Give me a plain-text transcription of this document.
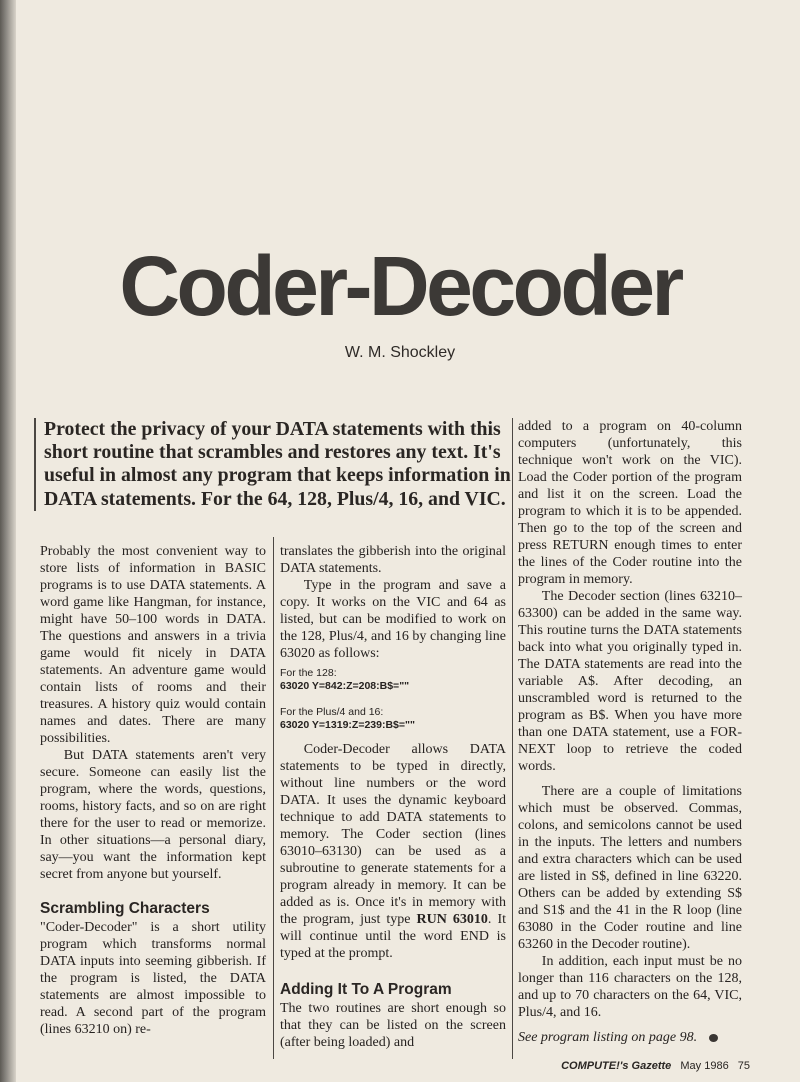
Coder-Decoder
W. M. Shockley

Protect the privacy of your DATA statements with this short routine that scrambles and restores any text. It's useful in almost any program that keeps information in DATA statements. For the 64, 128, Plus/4, 16, and VIC.

Probably the most convenient way to store lists of information in BASIC programs is to use DATA statements. A word game like Hangman, for instance, might have 50–100 words in DATA. The questions and answers in a trivia game would fit nicely in DATA statements. An adventure game would contain lists of rooms and their treasures. A history quiz would contain names and dates. There are many possibilities.

But DATA statements aren't very secure. Someone can easily list the program, where the words, questions, rooms, history facts, and so on are right there for the user to read or memorize. In other situations—a personal diary, say—you want the information kept secret from anyone but yourself.

Scrambling Characters

"Coder-Decoder" is a short utility program which transforms normal DATA inputs into seeming gibberish. If the program is listed, the DATA statements are almost impossible to read. A second part of the program (lines 63210 on) re-

translates the gibberish into the original DATA statements.

Type in the program and save a copy. It works on the VIC and 64 as listed, but can be modified to work on the 128, Plus/4, and 16 by changing line 63020 as follows:

For the 128:

63020 Y=842:Z=208:B$=""

For the Plus/4 and 16:

63020 Y=1319:Z=239:B$=""

Coder-Decoder allows DATA statements to be typed in directly, without line numbers or the word DATA. It uses the dynamic keyboard technique to add DATA statements to memory. The Coder section (lines 63010–63130) can be used as a subroutine to generate statements for a program already in memory. It can be added as is. Once it's in memory with the program, just type RUN 63010. It will continue until the word END is typed at the prompt.

Adding It To A Program

The two routines are short enough so that they can be listed on the screen (after being loaded) and

added to a program on 40-column computers (unfortunately, this technique won't work on the VIC). Load the Coder portion of the program and list it on the screen. Load the program to which it is to be appended. Then go to the top of the screen and press RETURN enough times to enter the lines of the Coder routine into the program in memory.

The Decoder section (lines 63210–63300) can be added in the same way. This routine turns the DATA statements back into what you originally typed in. The DATA statements are read into the variable A$. After decoding, an unscrambled word is returned to the program as B$. When you have more than one DATA statement, use a FOR-NEXT loop to retrieve the coded words.

There are a couple of limitations which must be observed. Commas, colons, and semicolons cannot be used in the inputs. The letters and numbers and extra characters which can be used are listed in S$, defined in line 63220. Others can be added by extending S$ and S1$ and the 41 in the R loop (line 63080 in the Coder routine and line 63260 in the Decoder routine).

In addition, each input must be no longer than 116 characters on the 128, and up to 70 characters on the 64, VIC, Plus/4, and 16.

See program listing on page 98.

COMPUTE!'s Gazette May 1986 75
